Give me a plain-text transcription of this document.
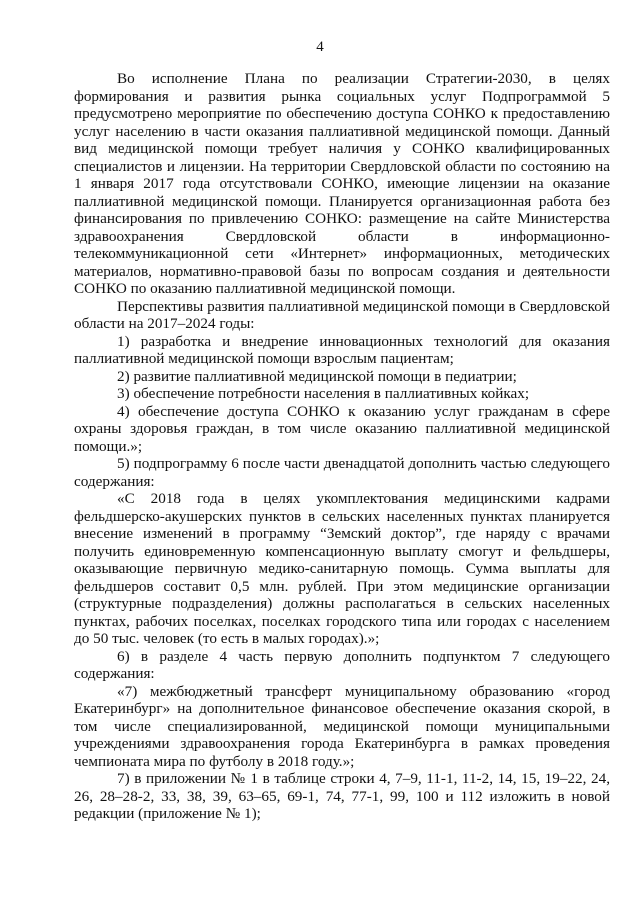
4

Во исполнение Плана по реализации Стратегии-2030, в целях формирования и развития рынка социальных услуг Подпрограммой 5 предусмотрено мероприятие по обеспечению доступа СОНКО к предоставлению услуг населению в части оказания паллиативной медицинской помощи. Данный вид медицинской помощи требует наличия у СОНКО квалифицированных специалистов и лицензии. На территории Свердловской области по состоянию на 1 января 2017 года отсутствовали СОНКО, имеющие лицензии на оказание паллиативной медицинской помощи. Планируется организационная работа без финансирования по привлечению СОНКО: размещение на сайте Министерства здравоохранения Свердловской области в информационно-телекоммуникационной сети «Интернет» информационных, методических материалов, нормативно-правовой базы по вопросам создания и деятельности СОНКО по оказанию паллиативной медицинской помощи.

Перспективы развития паллиативной медицинской помощи в Свердловской области на 2017–2024 годы:

1) разработка и внедрение инновационных технологий для оказания паллиативной медицинской помощи взрослым пациентам;

2) развитие паллиативной медицинской помощи в педиатрии;

3) обеспечение потребности населения в паллиативных койках;

4) обеспечение доступа СОНКО к оказанию услуг гражданам в сфере охраны здоровья граждан, в том числе оказанию паллиативной медицинской помощи.»;

5) подпрограмму 6 после части двенадцатой дополнить частью следующего содержания:

«С 2018 года в целях укомплектования медицинскими кадрами фельдшерско-акушерских пунктов в сельских населенных пунктах планируется внесение изменений в программу “Земский доктор”, где наряду с врачами получить единовременную компенсационную выплату смогут и фельдшеры, оказывающие первичную медико-санитарную помощь. Сумма выплаты для фельдшеров составит 0,5 млн. рублей. При этом медицинские организации (структурные подразделения) должны располагаться в сельских населенных пунктах, рабочих поселках, поселках городского типа или городах с населением до 50 тыс. человек (то есть в малых городах).»;

6) в разделе 4 часть первую дополнить подпунктом 7 следующего содержания:

«7) межбюджетный трансферт муниципальному образованию «город Екатеринбург» на дополнительное финансовое обеспечение оказания скорой, в том числе специализированной, медицинской помощи муниципальными учреждениями здравоохранения города Екатеринбурга в рамках проведения чемпионата мира по футболу в 2018 году.»;

7) в приложении № 1 в таблице строки 4, 7–9, 11-1, 11-2, 14, 15, 19–22, 24, 26, 28–28-2, 33, 38, 39, 63–65, 69-1, 74, 77-1, 99, 100 и 112 изложить в новой редакции (приложение № 1);
